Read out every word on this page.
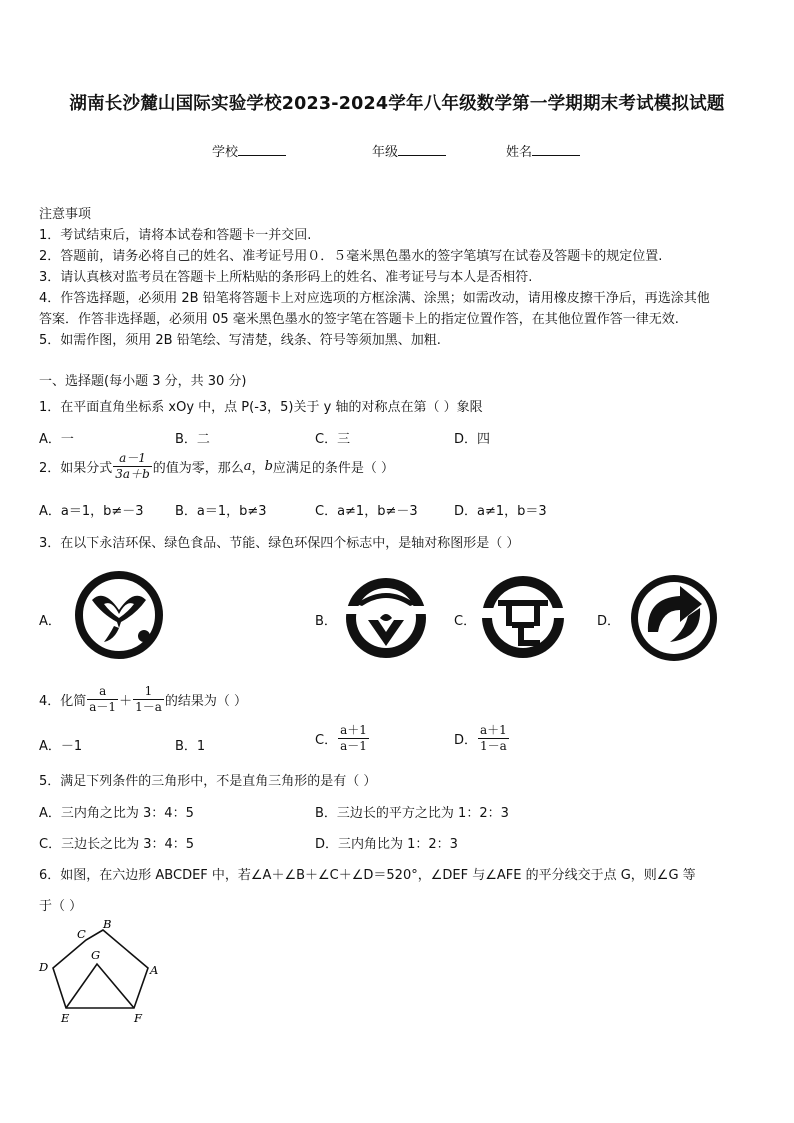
湖南长沙麓山国际实验学校2023-2024学年八年级数学第一学期期末考试模拟试题
学校	年级	姓名
注意事项
1．考试结束后，请将本试卷和答题卡一并交回.
2．答题前，请务必将自己的姓名、准考证号用０．５毫米黑色墨水的签字笔填写在试卷及答题卡的规定位置.
3．请认真核对监考员在答题卡上所粘贴的条形码上的姓名、准考证号与本人是否相符.
4．作答选择题，必须用 2B 铅笔将答题卡上对应选项的方框涂满、涂黑；如需改动，请用橡皮擦干净后，再选涂其他
答案．作答非选择题，必须用 05 毫米黑色墨水的签字笔在答题卡上的指定位置作答，在其他位置作答一律无效.
5．如需作图，须用 2B 铅笔绘、写清楚，线条、符号等须加黑、加粗.
一、选择题(每小题 3 分，共 30 分)
1．在平面直角坐标系 xOy 中，点 P(-3，5)关于 y 轴的对称点在第（ ）象限
A．一	B．二	C．三	D．四
2．如果分式 $\frac{a-1}{3a+b}$ 的值为零，那么 a ， b 应满足的条件是（ ）
A．a＝1，b≠－3 B．a＝1，b≠3	C．a≠1，b≠－3	D．a≠1，b＝3
3．在以下永洁环保、绿色食品、节能、绿色环保四个标志中，是轴对称图形是（ ）
A．	B．	C．	D．
4．化简 $\frac{a}{a-1} + \frac{1}{1-a}$ 的结果为（ ）
A．－1	B．1	C． $\frac{a+1}{a-1}$	D． $\frac{a+1}{1-a}$
5．满足下列条件的三角形中，不是直角三角形的是有（ ）
A．三内角之比为 3：4：5	B．三边长的平方之比为 1：2：3
C．三边长之比为 3：4：5	D．三内角比为 1：2：3
6．如图，在六边形 ABCDEF 中，若∠A＋∠B＋∠C＋∠D＝520°，∠DEF 与∠AFE 的平分线交于点 G，则∠G 等
于（ ）
B
C
D
G
A
E	F
